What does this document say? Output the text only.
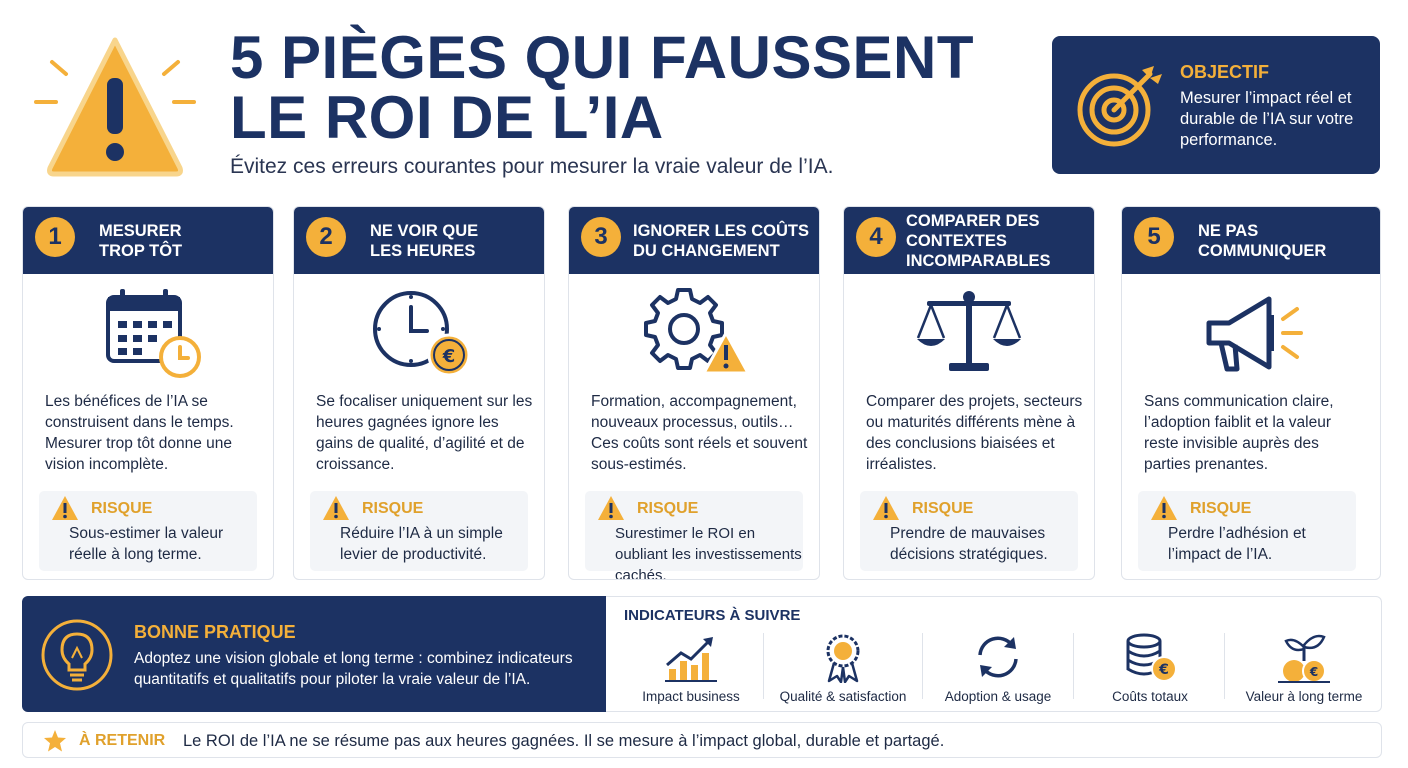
5 PIÈGES QUI FAUSSENT
LE ROI DE L’IA
Évitez ces erreurs courantes pour mesurer la vraie valeur de l’IA.
OBJECTIF
Mesurer l’impact réel et durable de l’IA sur votre performance.
1	MESURER TROP TÔT
Les bénéfices de l’IA se construisent dans le temps. Mesurer trop tôt donne une vision incomplète.
RISQUE
Sous-estimer la valeur réelle à long terme.
2	NE VOIR QUE LES HEURES
€
Se focaliser uniquement sur les heures gagnées ignore les gains de qualité, d’agilité et de croissance.
RISQUE
Réduire l’IA à un simple levier de productivité.
3	IGNORER LES COÛTS DU CHANGEMENT
Formation, accompagnement, nouveaux processus, outils… Ces coûts sont réels et souvent sous-estimés.
RISQUE
Surestimer le ROI en oubliant les investissements cachés.
4
COMPARER DES CONTEXTES INCOMPARABLES
Comparer des projets, secteurs ou maturités différents mène à des conclusions biaisées et irréalistes.
RISQUE
Prendre de mauvaises décisions stratégiques.
5	NE PAS COMMUNIQUER
Sans communication claire, l’adoption faiblit et la valeur reste invisible auprès des parties prenantes.
RISQUE
Perdre l’adhésion et l’impact de l’IA.
BONNE PRATIQUE
Adoptez une vision globale et long terme : combinez indicateurs quantitatifs et qualitatifs pour piloter la vraie valeur de l’IA.
INDICATEURS À SUIVRE
Impact business	Qualité & satisfaction	Adoption & usage
€
Coûts totaux
€
Valeur à long terme
À RETENIR Le ROI de l’IA ne se résume pas aux heures gagnées. Il se mesure à l’impact global, durable et partagé.
